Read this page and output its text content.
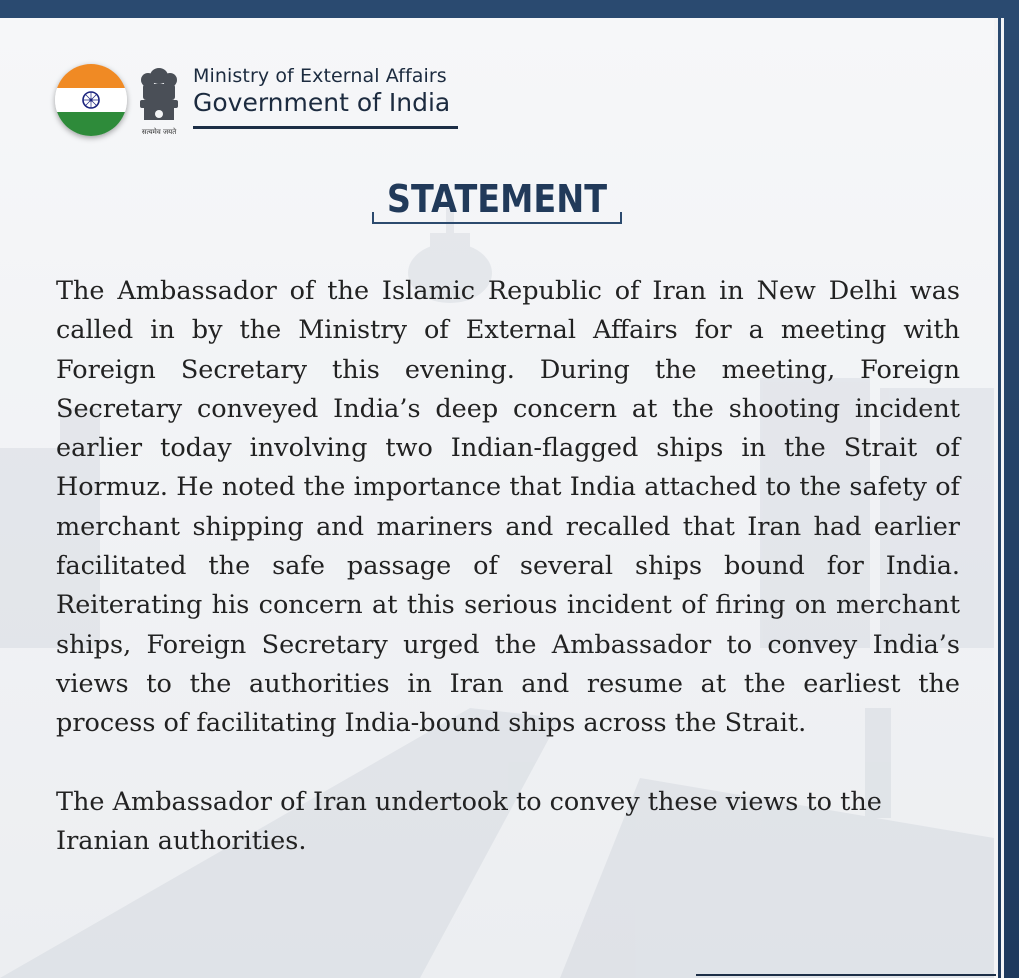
सत्यमेव जयते
Ministry of External Affairs
Government of India
STATEMENT

The Ambassador of the Islamic Republic of Iran in New Delhi was called in by the Ministry of External Affairs for a meeting with Foreign Secretary this evening. During the meeting, Foreign Secretary conveyed India’s deep concern at the shooting incident earlier today involving two Indian-flagged ships in the Strait of Hormuz. He noted the importance that India attached to the safety of merchant shipping and mariners and recalled that Iran had earlier facilitated the safe passage of several ships bound for India. Reiterating his concern at this serious incident of firing on merchant ships, Foreign Secretary urged the Ambassador to convey India’s views to the authorities in Iran and resume at the earliest the process of facilitating India-bound ships across the Strait.

The Ambassador of Iran undertook to convey these views to the Iranian authorities.
